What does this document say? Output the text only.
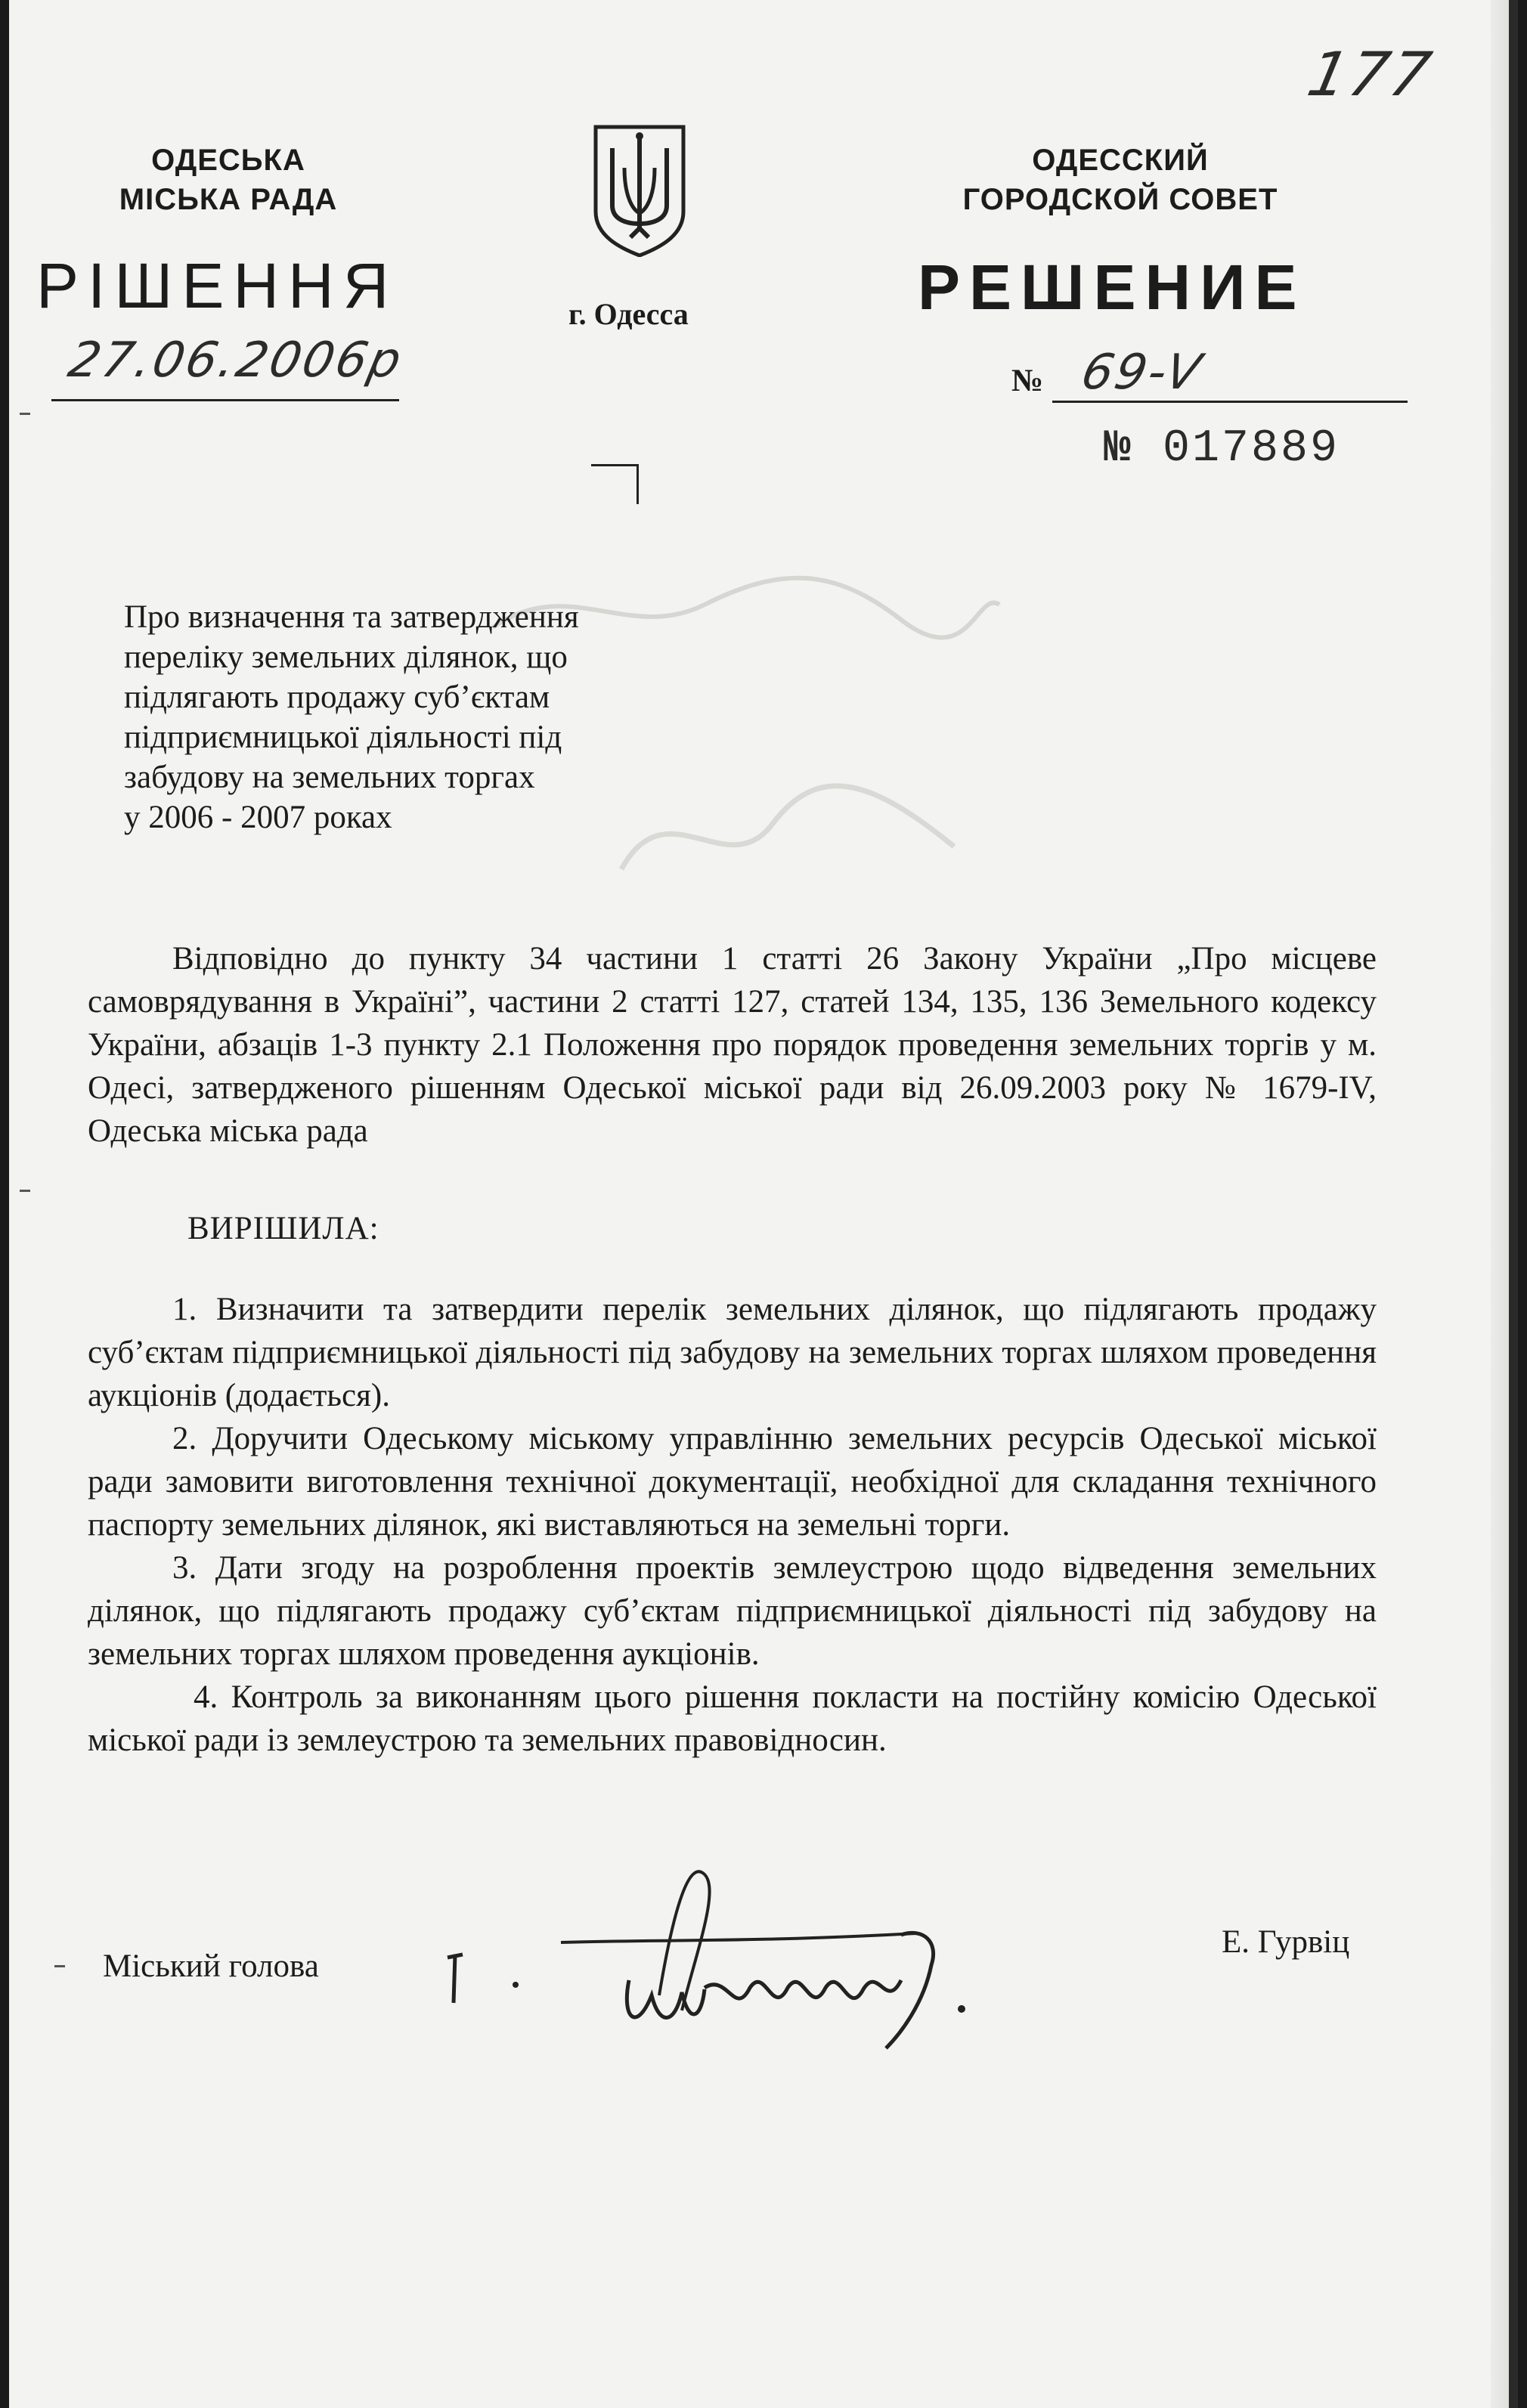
ОДЕСЬКА
МІСЬКА РАДА
РІШЕННЯ	г. Одесса
ОДЕССКИЙ
ГОРОДСКОЙ СОВЕТ
РЕШЕНИЕ
177
27.06.2006р	№ 69-V
№ 017889
Про визначення та затвердження
переліку земельних ділянок, що
підлягають продажу суб’єктам
підприємницької діяльності під
забудову на земельних торгах
у 2006 - 2007 роках

Відповідно до пункту 34 частини 1 статті 26 Закону України „Про місцеве самоврядування в Україні”, частини 2 статті 127, статей 134, 135, 136 Земельного кодексу України, абзаців 1-3 пункту 2.1 Положення про порядок проведення земельних торгів у м. Одесі, затвердженого рішенням Одеської міської ради від 26.09.2003 року № 1679-IV, Одеська міська рада

ВИРІШИЛА:

1. Визначити та затвердити перелік земельних ділянок, що підлягають продажу суб’єктам підприємницької діяльності під забудову на земельних торгах шляхом проведення аукціонів (додається).

2. Доручити Одеському міському управлінню земельних ресурсів Одеської міської ради замовити виготовлення технічної документації, необхідної для складання технічного паспорту земельних ділянок, які виставляються на земельні торги.

3. Дати згоду на розроблення проектів землеустрою щодо відведення земельних ділянок, що підлягають продажу суб’єктам підприємницької діяльності під забудову на земельних торгах шляхом проведення аукціонів.

4. Контроль за виконанням цього рішення покласти на постійну комісію Одеської міської ради із землеустрою та земельних правовідносин.

Міський голова
Е. Гурвіц
